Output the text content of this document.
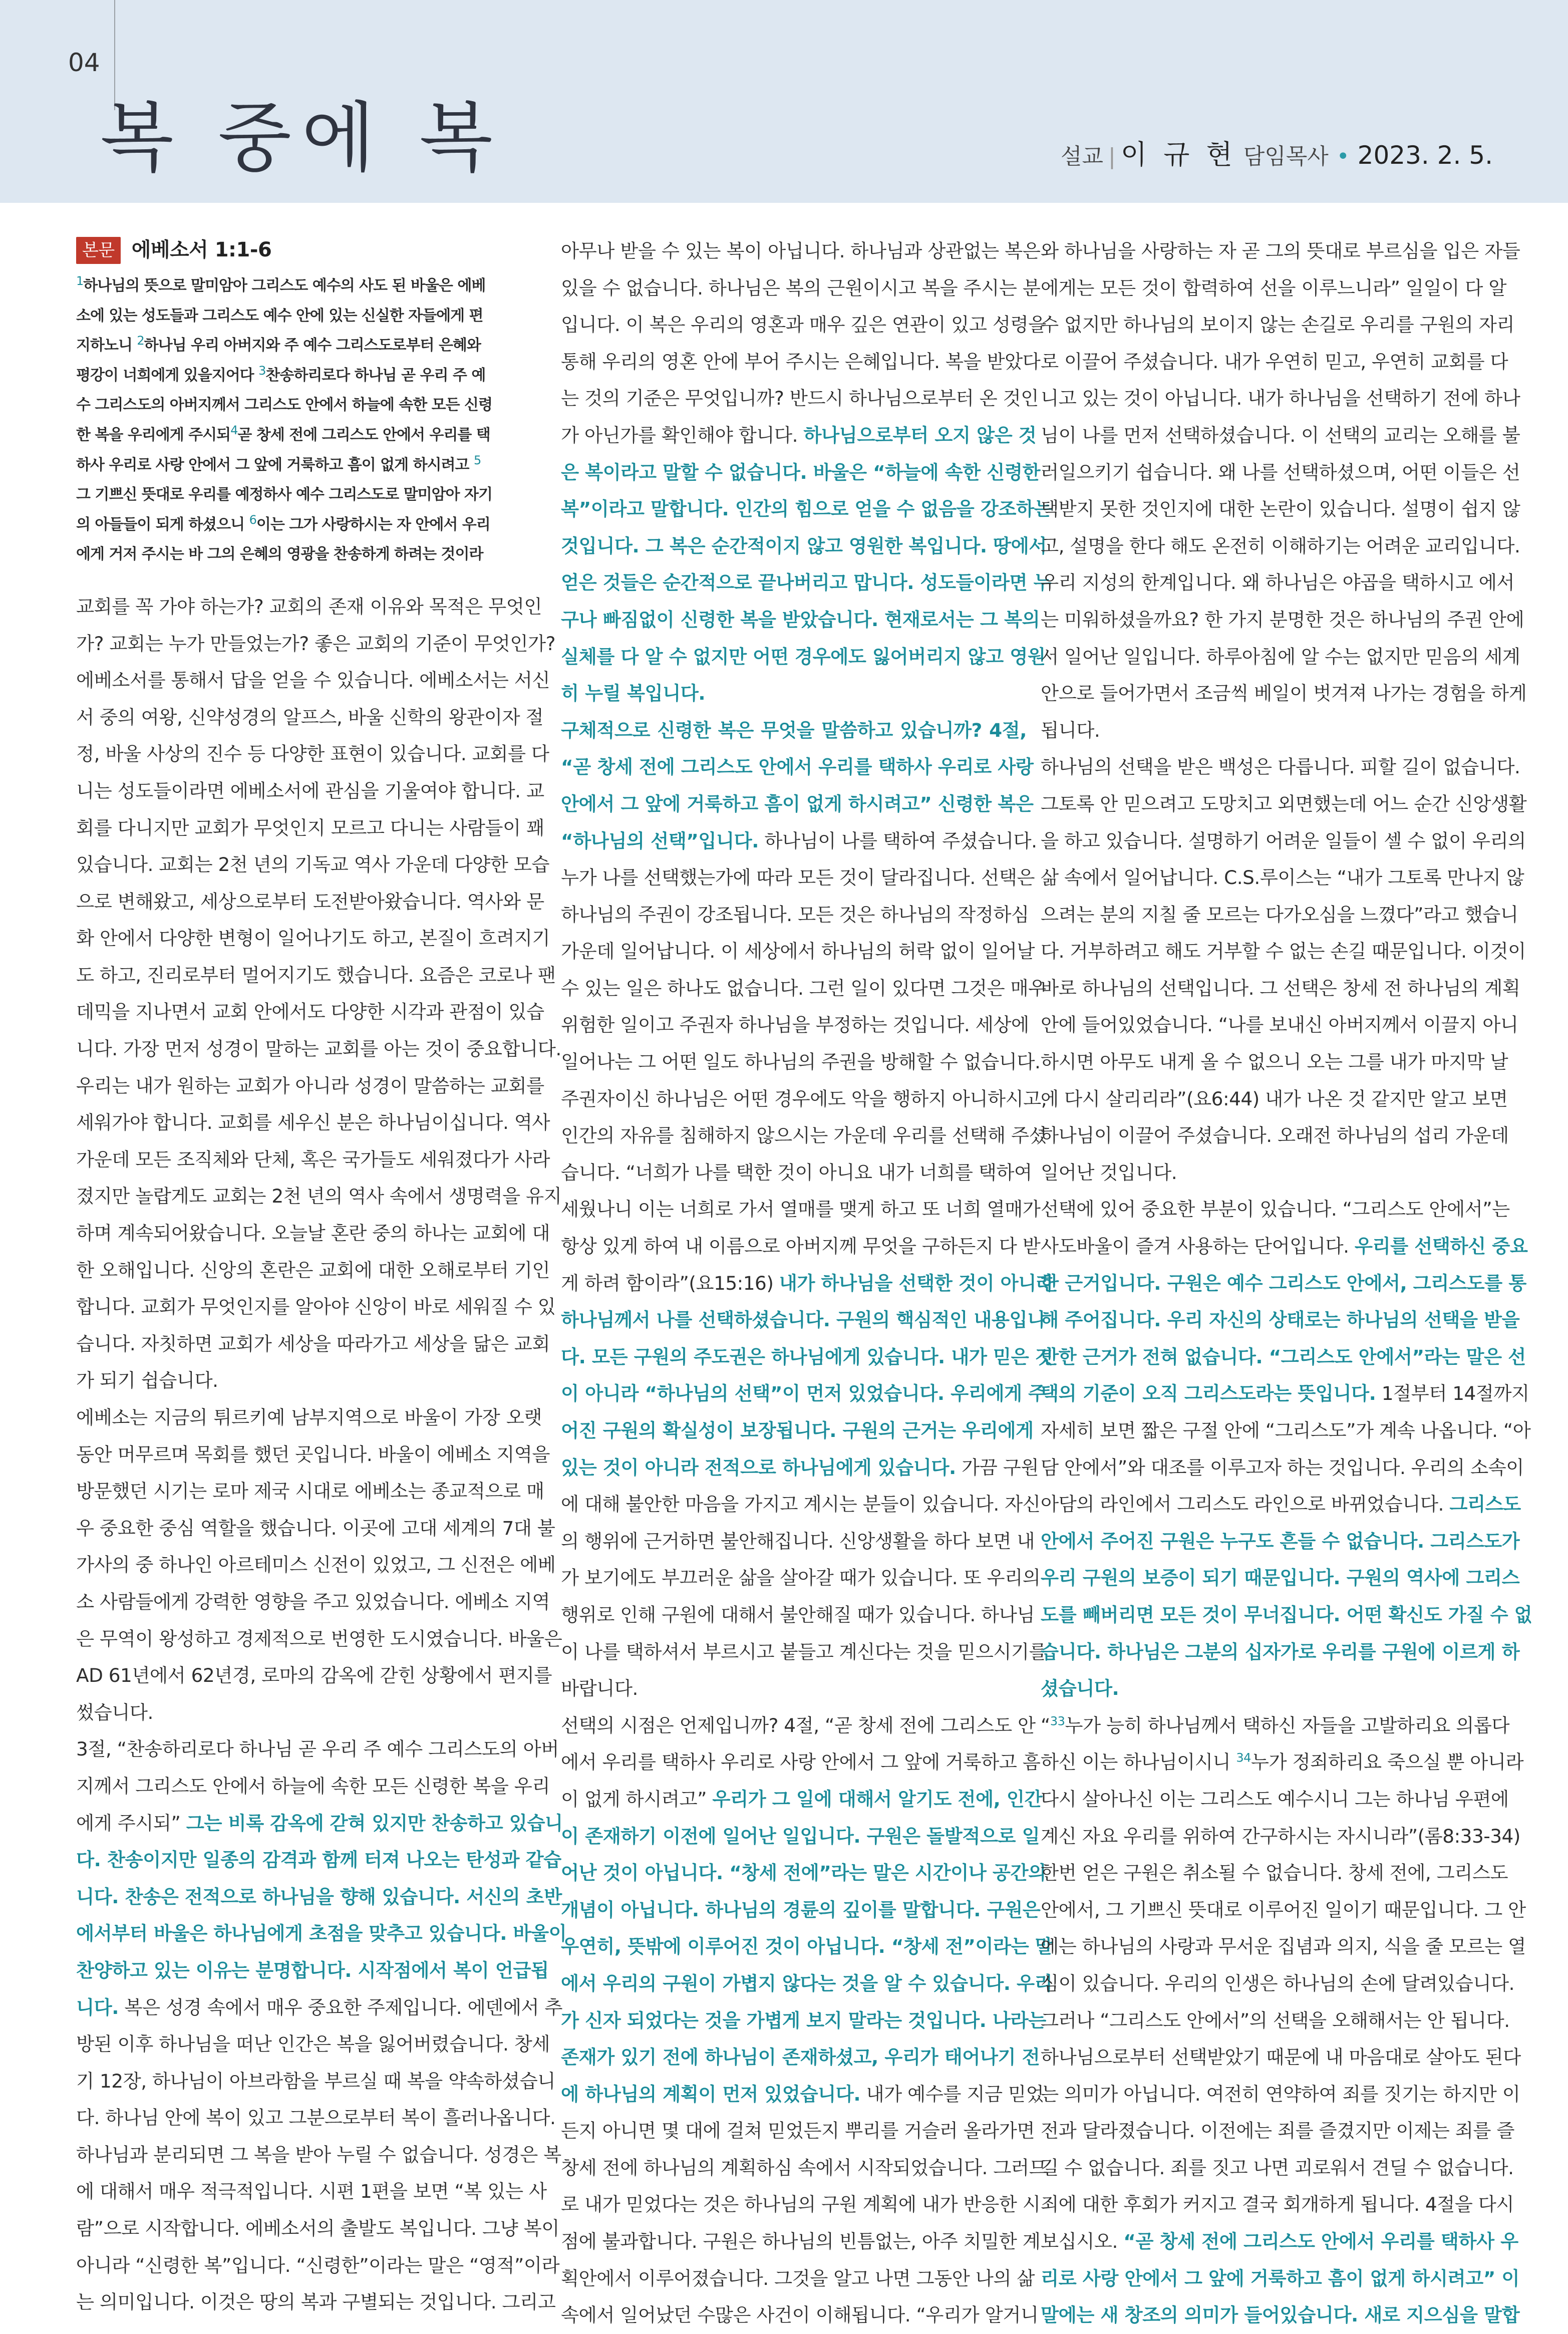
04
복 중에 복	설교 | 이 규 현 담임목사 • 2023. 2. 5.
본문 에베소서 1:1-6
$^1$하나님의 뜻으로 말미암아 그리스도 예수의 사도 된 바울은 에베
소에 있는 성도들과 그리스도 예수 안에 있는 신실한 자들에게 편
지하노니 $^2$하나님 우리 아버지와 주 예수 그리스도로부터 은혜와
평강이 너희에게 있을지어다 $^3$찬송하리로다 하나님 곧 우리 주 예
수 그리스도의 아버지께서 그리스도 안에서 하늘에 속한 모든 신령
한 복을 우리에게 주시되$^4$곧 창세 전에 그리스도 안에서 우리를 택
하사 우리로 사랑 안에서 그 앞에 거룩하고 흠이 없게 하시려고 $^5$
그 기쁘신 뜻대로 우리를 예정하사 예수 그리스도로 말미암아 자기
의 아들들이 되게 하셨으니 $^6$이는 그가 사랑하시는 자 안에서 우리
에게 거저 주시는 바 그의 은혜의 영광을 찬송하게 하려는 것이라
교회를 꼭 가야 하는가? 교회의 존재 이유와 목적은 무엇인
가? 교회는 누가 만들었는가? 좋은 교회의 기준이 무엇인가?
에베소서를 통해서 답을 얻을 수 있습니다. 에베소서는 서신
서 중의 여왕, 신약성경의 알프스, 바울 신학의 왕관이자 절
정, 바울 사상의 진수 등 다양한 표현이 있습니다. 교회를 다
니는 성도들이라면 에베소서에 관심을 기울여야 합니다. 교
회를 다니지만 교회가 무엇인지 모르고 다니는 사람들이 꽤
있습니다. 교회는 2천 년의 기독교 역사 가운데 다양한 모습
으로 변해왔고, 세상으로부터 도전받아왔습니다. 역사와 문
화 안에서 다양한 변형이 일어나기도 하고, 본질이 흐려지기
도 하고, 진리로부터 멀어지기도 했습니다. 요즘은 코로나 팬
데믹을 지나면서 교회 안에서도 다양한 시각과 관점이 있습
니다. 가장 먼저 성경이 말하는 교회를 아는 것이 중요합니다.
우리는 내가 원하는 교회가 아니라 성경이 말씀하는 교회를
세워가야 합니다. 교회를 세우신 분은 하나님이십니다. 역사
가운데 모든 조직체와 단체, 혹은 국가들도 세워졌다가 사라
졌지만 놀랍게도 교회는 2천 년의 역사 속에서 생명력을 유지
하며 계속되어왔습니다. 오늘날 혼란 중의 하나는 교회에 대
한 오해입니다. 신앙의 혼란은 교회에 대한 오해로부터 기인
합니다. 교회가 무엇인지를 알아야 신앙이 바로 세워질 수 있
습니다. 자칫하면 교회가 세상을 따라가고 세상을 닮은 교회
가 되기 쉽습니다.
에베소는 지금의 튀르키예 남부지역으로 바울이 가장 오랫
동안 머무르며 목회를 했던 곳입니다. 바울이 에베소 지역을
방문했던 시기는 로마 제국 시대로 에베소는 종교적으로 매
우 중요한 중심 역할을 했습니다. 이곳에 고대 세계의 7대 불
가사의 중 하나인 아르테미스 신전이 있었고, 그 신전은 에베
소 사람들에게 강력한 영향을 주고 있었습니다. 에베소 지역
은 무역이 왕성하고 경제적으로 번영한 도시였습니다. 바울은
AD 61년에서 62년경, 로마의 감옥에 갇힌 상황에서 편지를
썼습니다.
3절, “찬송하리로다 하나님 곧 우리 주 예수 그리스도의 아버
지께서 그리스도 안에서 하늘에 속한 모든 신령한 복을 우리
에게 주시되” 그는 비록 감옥에 갇혀 있지만 찬송하고 있습니
다. 찬송이지만 일종의 감격과 함께 터져 나오는 탄성과 같습
니다. 찬송은 전적으로 하나님을 향해 있습니다. 서신의 초반
에서부터 바울은 하나님에게 초점을 맞추고 있습니다. 바울이
찬양하고 있는 이유는 분명합니다. 시작점에서 복이 언급됩
니다. 복은 성경 속에서 매우 중요한 주제입니다. 에덴에서 추
방된 이후 하나님을 떠난 인간은 복을 잃어버렸습니다. 창세
기 12장, 하나님이 아브라함을 부르실 때 복을 약속하셨습니
다. 하나님 안에 복이 있고 그분으로부터 복이 흘러나옵니다.
하나님과 분리되면 그 복을 받아 누릴 수 없습니다. 성경은 복
에 대해서 매우 적극적입니다. 시편 1편을 보면 “복 있는 사
람”으로 시작합니다. 에베소서의 출발도 복입니다. 그냥 복이
아니라 “신령한 복”입니다. “신령한”이라는 말은 “영적”이라
는 의미입니다. 이것은 땅의 복과 구별되는 것입니다. 그리고
아무나 받을 수 있는 복이 아닙니다. 하나님과 상관없는 복은
있을 수 없습니다. 하나님은 복의 근원이시고 복을 주시는 분
입니다. 이 복은 우리의 영혼과 매우 깊은 연관이 있고 성령을
통해 우리의 영혼 안에 부어 주시는 은혜입니다. 복을 받았다
는 것의 기준은 무엇입니까? 반드시 하나님으로부터 온 것인
가 아닌가를 확인해야 합니다. 하나님으로부터 오지 않은 것
은 복이라고 말할 수 없습니다. 바울은 “하늘에 속한 신령한
복”이라고 말합니다. 인간의 힘으로 얻을 수 없음을 강조하는
것입니다. 그 복은 순간적이지 않고 영원한 복입니다. 땅에서
얻은 것들은 순간적으로 끝나버리고 맙니다. 성도들이라면 누
구나 빠짐없이 신령한 복을 받았습니다. 현재로서는 그 복의
실체를 다 알 수 없지만 어떤 경우에도 잃어버리지 않고 영원
히 누릴 복입니다.
구체적으로 신령한 복은 무엇을 말씀하고 있습니까? 4절,
“곧 창세 전에 그리스도 안에서 우리를 택하사 우리로 사랑
안에서 그 앞에 거룩하고 흠이 없게 하시려고” 신령한 복은
“하나님의 선택”입니다. 하나님이 나를 택하여 주셨습니다.
누가 나를 선택했는가에 따라 모든 것이 달라집니다. 선택은
하나님의 주권이 강조됩니다. 모든 것은 하나님의 작정하심
가운데 일어납니다. 이 세상에서 하나님의 허락 없이 일어날
수 있는 일은 하나도 없습니다. 그런 일이 있다면 그것은 매우
위험한 일이고 주권자 하나님을 부정하는 것입니다. 세상에
일어나는 그 어떤 일도 하나님의 주권을 방해할 수 없습니다.
주권자이신 하나님은 어떤 경우에도 악을 행하지 아니하시고,
인간의 자유를 침해하지 않으시는 가운데 우리를 선택해 주셨
습니다. “너희가 나를 택한 것이 아니요 내가 너희를 택하여
세웠나니 이는 너희로 가서 열매를 맺게 하고 또 너희 열매가
항상 있게 하여 내 이름으로 아버지께 무엇을 구하든지 다 받
게 하려 함이라”(요15:16) 내가 하나님을 선택한 것이 아니라
하나님께서 나를 선택하셨습니다. 구원의 핵심적인 내용입니
다. 모든 구원의 주도권은 하나님에게 있습니다. 내가 믿은 것
이 아니라 “하나님의 선택”이 먼저 있었습니다. 우리에게 주
어진 구원의 확실성이 보장됩니다. 구원의 근거는 우리에게
있는 것이 아니라 전적으로 하나님에게 있습니다. 가끔 구원
에 대해 불안한 마음을 가지고 계시는 분들이 있습니다. 자신
의 행위에 근거하면 불안해집니다. 신앙생활을 하다 보면 내
가 보기에도 부끄러운 삶을 살아갈 때가 있습니다. 또 우리의
행위로 인해 구원에 대해서 불안해질 때가 있습니다. 하나님
이 나를 택하셔서 부르시고 붙들고 계신다는 것을 믿으시기를
바랍니다.
선택의 시점은 언제입니까? 4절, “곧 창세 전에 그리스도 안
에서 우리를 택하사 우리로 사랑 안에서 그 앞에 거룩하고 흠
이 없게 하시려고” 우리가 그 일에 대해서 알기도 전에, 인간
이 존재하기 이전에 일어난 일입니다. 구원은 돌발적으로 일
어난 것이 아닙니다. “창세 전에”라는 말은 시간이나 공간의
개념이 아닙니다. 하나님의 경륜의 깊이를 말합니다. 구원은
우연히, 뜻밖에 이루어진 것이 아닙니다. “창세 전”이라는 말
에서 우리의 구원이 가볍지 않다는 것을 알 수 있습니다. 우리
가 신자 되었다는 것을 가볍게 보지 말라는 것입니다. 나라는
존재가 있기 전에 하나님이 존재하셨고, 우리가 태어나기 전
에 하나님의 계획이 먼저 있었습니다. 내가 예수를 지금 믿었
든지 아니면 몇 대에 걸쳐 믿었든지 뿌리를 거슬러 올라가면
창세 전에 하나님의 계획하심 속에서 시작되었습니다. 그러므
로 내가 믿었다는 것은 하나님의 구원 계획에 내가 반응한 시
점에 불과합니다. 구원은 하나님의 빈틈없는, 아주 치밀한 계
획안에서 이루어졌습니다. 그것을 알고 나면 그동안 나의 삶
속에서 일어났던 수많은 사건이 이해됩니다. “우리가 알거니
와 하나님을 사랑하는 자 곧 그의 뜻대로 부르심을 입은 자들
에게는 모든 것이 합력하여 선을 이루느니라” 일일이 다 알
수 없지만 하나님의 보이지 않는 손길로 우리를 구원의 자리
로 이끌어 주셨습니다. 내가 우연히 믿고, 우연히 교회를 다
니고 있는 것이 아닙니다. 내가 하나님을 선택하기 전에 하나
님이 나를 먼저 선택하셨습니다. 이 선택의 교리는 오해를 불
러일으키기 쉽습니다. 왜 나를 선택하셨으며, 어떤 이들은 선
택받지 못한 것인지에 대한 논란이 있습니다. 설명이 쉽지 않
고, 설명을 한다 해도 온전히 이해하기는 어려운 교리입니다.
우리 지성의 한계입니다. 왜 하나님은 야곱을 택하시고 에서
는 미워하셨을까요? 한 가지 분명한 것은 하나님의 주권 안에
서 일어난 일입니다. 하루아침에 알 수는 없지만 믿음의 세계
안으로 들어가면서 조금씩 베일이 벗겨져 나가는 경험을 하게
됩니다.
하나님의 선택을 받은 백성은 다릅니다. 피할 길이 없습니다.
그토록 안 믿으려고 도망치고 외면했는데 어느 순간 신앙생활
을 하고 있습니다. 설명하기 어려운 일들이 셀 수 없이 우리의
삶 속에서 일어납니다. C.S.루이스는 “내가 그토록 만나지 않
으려는 분의 지칠 줄 모르는 다가오심을 느꼈다”라고 했습니
다. 거부하려고 해도 거부할 수 없는 손길 때문입니다. 이것이
바로 하나님의 선택입니다. 그 선택은 창세 전 하나님의 계획
안에 들어있었습니다. “나를 보내신 아버지께서 이끌지 아니
하시면 아무도 내게 올 수 없으니 오는 그를 내가 마지막 날
에 다시 살리리라”(요6:44) 내가 나온 것 같지만 알고 보면
하나님이 이끌어 주셨습니다. 오래전 하나님의 섭리 가운데
일어난 것입니다.
선택에 있어 중요한 부분이 있습니다. “그리스도 안에서”는
사도바울이 즐겨 사용하는 단어입니다. 우리를 선택하신 중요
한 근거입니다. 구원은 예수 그리스도 안에서, 그리스도를 통
해 주어집니다. 우리 자신의 상태로는 하나님의 선택을 받을
만한 근거가 전혀 없습니다. “그리스도 안에서”라는 말은 선
택의 기준이 오직 그리스도라는 뜻입니다. 1절부터 14절까지
자세히 보면 짧은 구절 안에 “그리스도”가 계속 나옵니다. “아
담 안에서”와 대조를 이루고자 하는 것입니다. 우리의 소속이
아담의 라인에서 그리스도 라인으로 바뀌었습니다. 그리스도
안에서 주어진 구원은 누구도 흔들 수 없습니다. 그리스도가
우리 구원의 보증이 되기 때문입니다. 구원의 역사에 그리스
도를 빼버리면 모든 것이 무너집니다. 어떤 확신도 가질 수 없
습니다. 하나님은 그분의 십자가로 우리를 구원에 이르게 하
셨습니다.
“$^{33}$누가 능히 하나님께서 택하신 자들을 고발하리요 의롭다
하신 이는 하나님이시니 $^{34}$누가 정죄하리요 죽으실 뿐 아니라
다시 살아나신 이는 그리스도 예수시니 그는 하나님 우편에
계신 자요 우리를 위하여 간구하시는 자시니라”(롬8:33-34)
한번 얻은 구원은 취소될 수 없습니다. 창세 전에, 그리스도
안에서, 그 기쁘신 뜻대로 이루어진 일이기 때문입니다. 그 안
에는 하나님의 사랑과 무서운 집념과 의지, 식을 줄 모르는 열
심이 있습니다. 우리의 인생은 하나님의 손에 달려있습니다.
그러나 “그리스도 안에서”의 선택을 오해해서는 안 됩니다.
하나님으로부터 선택받았기 때문에 내 마음대로 살아도 된다
는 의미가 아닙니다. 여전히 연약하여 죄를 짓기는 하지만 이
전과 달라졌습니다. 이전에는 죄를 즐겼지만 이제는 죄를 즐
길 수 없습니다. 죄를 짓고 나면 괴로워서 견딜 수 없습니다.
죄에 대한 후회가 커지고 결국 회개하게 됩니다. 4절을 다시
보십시오. “곧 창세 전에 그리스도 안에서 우리를 택하사 우
리로 사랑 안에서 그 앞에 거룩하고 흠이 없게 하시려고” 이
말에는 새 창조의 의미가 들어있습니다. 새로 지으심을 말합
